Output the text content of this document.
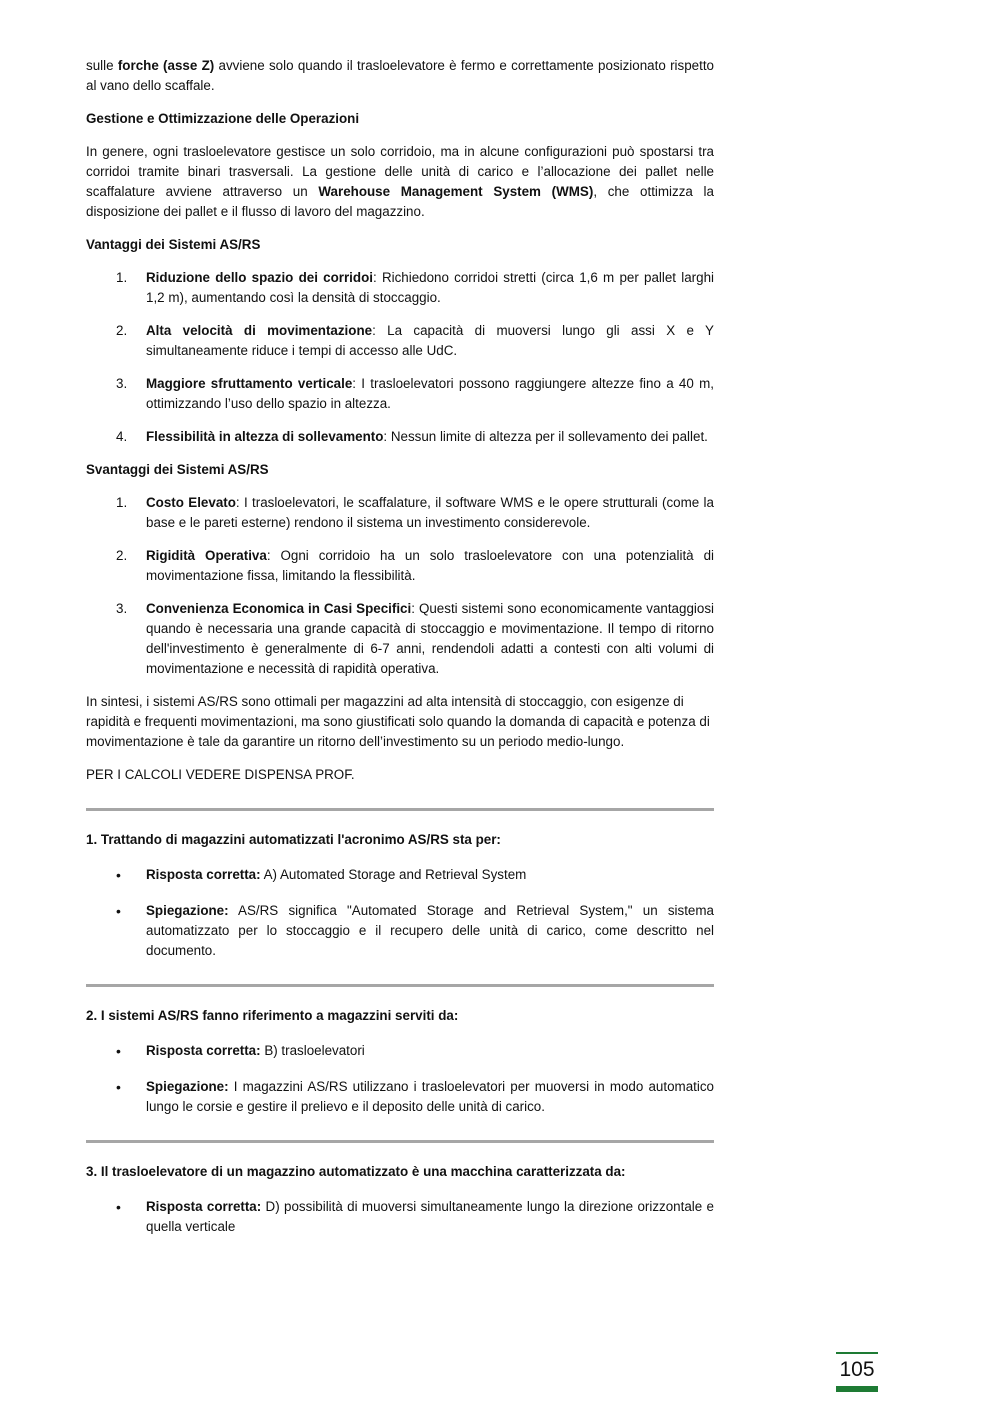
sulle forche (asse Z) avviene solo quando il trasloelevatore è fermo e correttamente posizionato rispetto al vano dello scaffale.

Gestione e Ottimizzazione delle Operazioni

In genere, ogni trasloelevatore gestisce un solo corridoio, ma in alcune configurazioni può spostarsi tra corridoi tramite binari trasversali. La gestione delle unità di carico e l’allocazione dei pallet nelle scaffalature avviene attraverso un Warehouse Management System (WMS), che ottimizza la disposizione dei pallet e il flusso di lavoro del magazzino.

Vantaggi dei Sistemi AS/RS
1. Riduzione dello spazio dei corridoi: Richiedono corridoi stretti (circa 1,6 m per pallet larghi 1,2 m), aumentando così la densità di stoccaggio.
2. Alta velocità di movimentazione: La capacità di muoversi lungo gli assi X e Y simultaneamente riduce i tempi di accesso alle UdC.
3. Maggiore sfruttamento verticale: I trasloelevatori possono raggiungere altezze fino a 40 m, ottimizzando l’uso dello spazio in altezza.
4. Flessibilità in altezza di sollevamento: Nessun limite di altezza per il sollevamento dei pallet.
Svantaggi dei Sistemi AS/RS
1. Costo Elevato: I trasloelevatori, le scaffalature, il software WMS e le opere strutturali (come la base e le pareti esterne) rendono il sistema un investimento considerevole.
2. Rigidità Operativa: Ogni corridoio ha un solo trasloelevatore con una potenzialità di movimentazione fissa, limitando la flessibilità.
3. Convenienza Economica in Casi Specifici: Questi sistemi sono economicamente vantaggiosi quando è necessaria una grande capacità di stoccaggio e movimentazione. Il tempo di ritorno dell'investimento è generalmente di 6-7 anni, rendendoli adatti a contesti con alti volumi di movimentazione e necessità di rapidità operativa.

In sintesi, i sistemi AS/RS sono ottimali per magazzini ad alta intensità di stoccaggio, con esigenze di rapidità e frequenti movimentazioni, ma sono giustificati solo quando la domanda di capacità e potenza di movimentazione è tale da garantire un ritorno dell’investimento su un periodo medio-lungo.

PER I CALCOLI VEDERE DISPENSA PROF.

1. Trattando di magazzini automatizzati l'acronimo AS/RS sta per:
• Risposta corretta: A) Automated Storage and Retrieval System
• Spiegazione: AS/RS significa "Automated Storage and Retrieval System," un sistema automatizzato per lo stoccaggio e il recupero delle unità di carico, come descritto nel documento.
2. I sistemi AS/RS fanno riferimento a magazzini serviti da:
• Risposta corretta: B) trasloelevatori
• Spiegazione: I magazzini AS/RS utilizzano i trasloelevatori per muoversi in modo automatico lungo le corsie e gestire il prelievo e il deposito delle unità di carico.
3. Il trasloelevatore di un magazzino automatizzato è una macchina caratterizzata da:
• Risposta corretta: D) possibilità di muoversi simultaneamente lungo la direzione orizzontale e quella verticale
105
